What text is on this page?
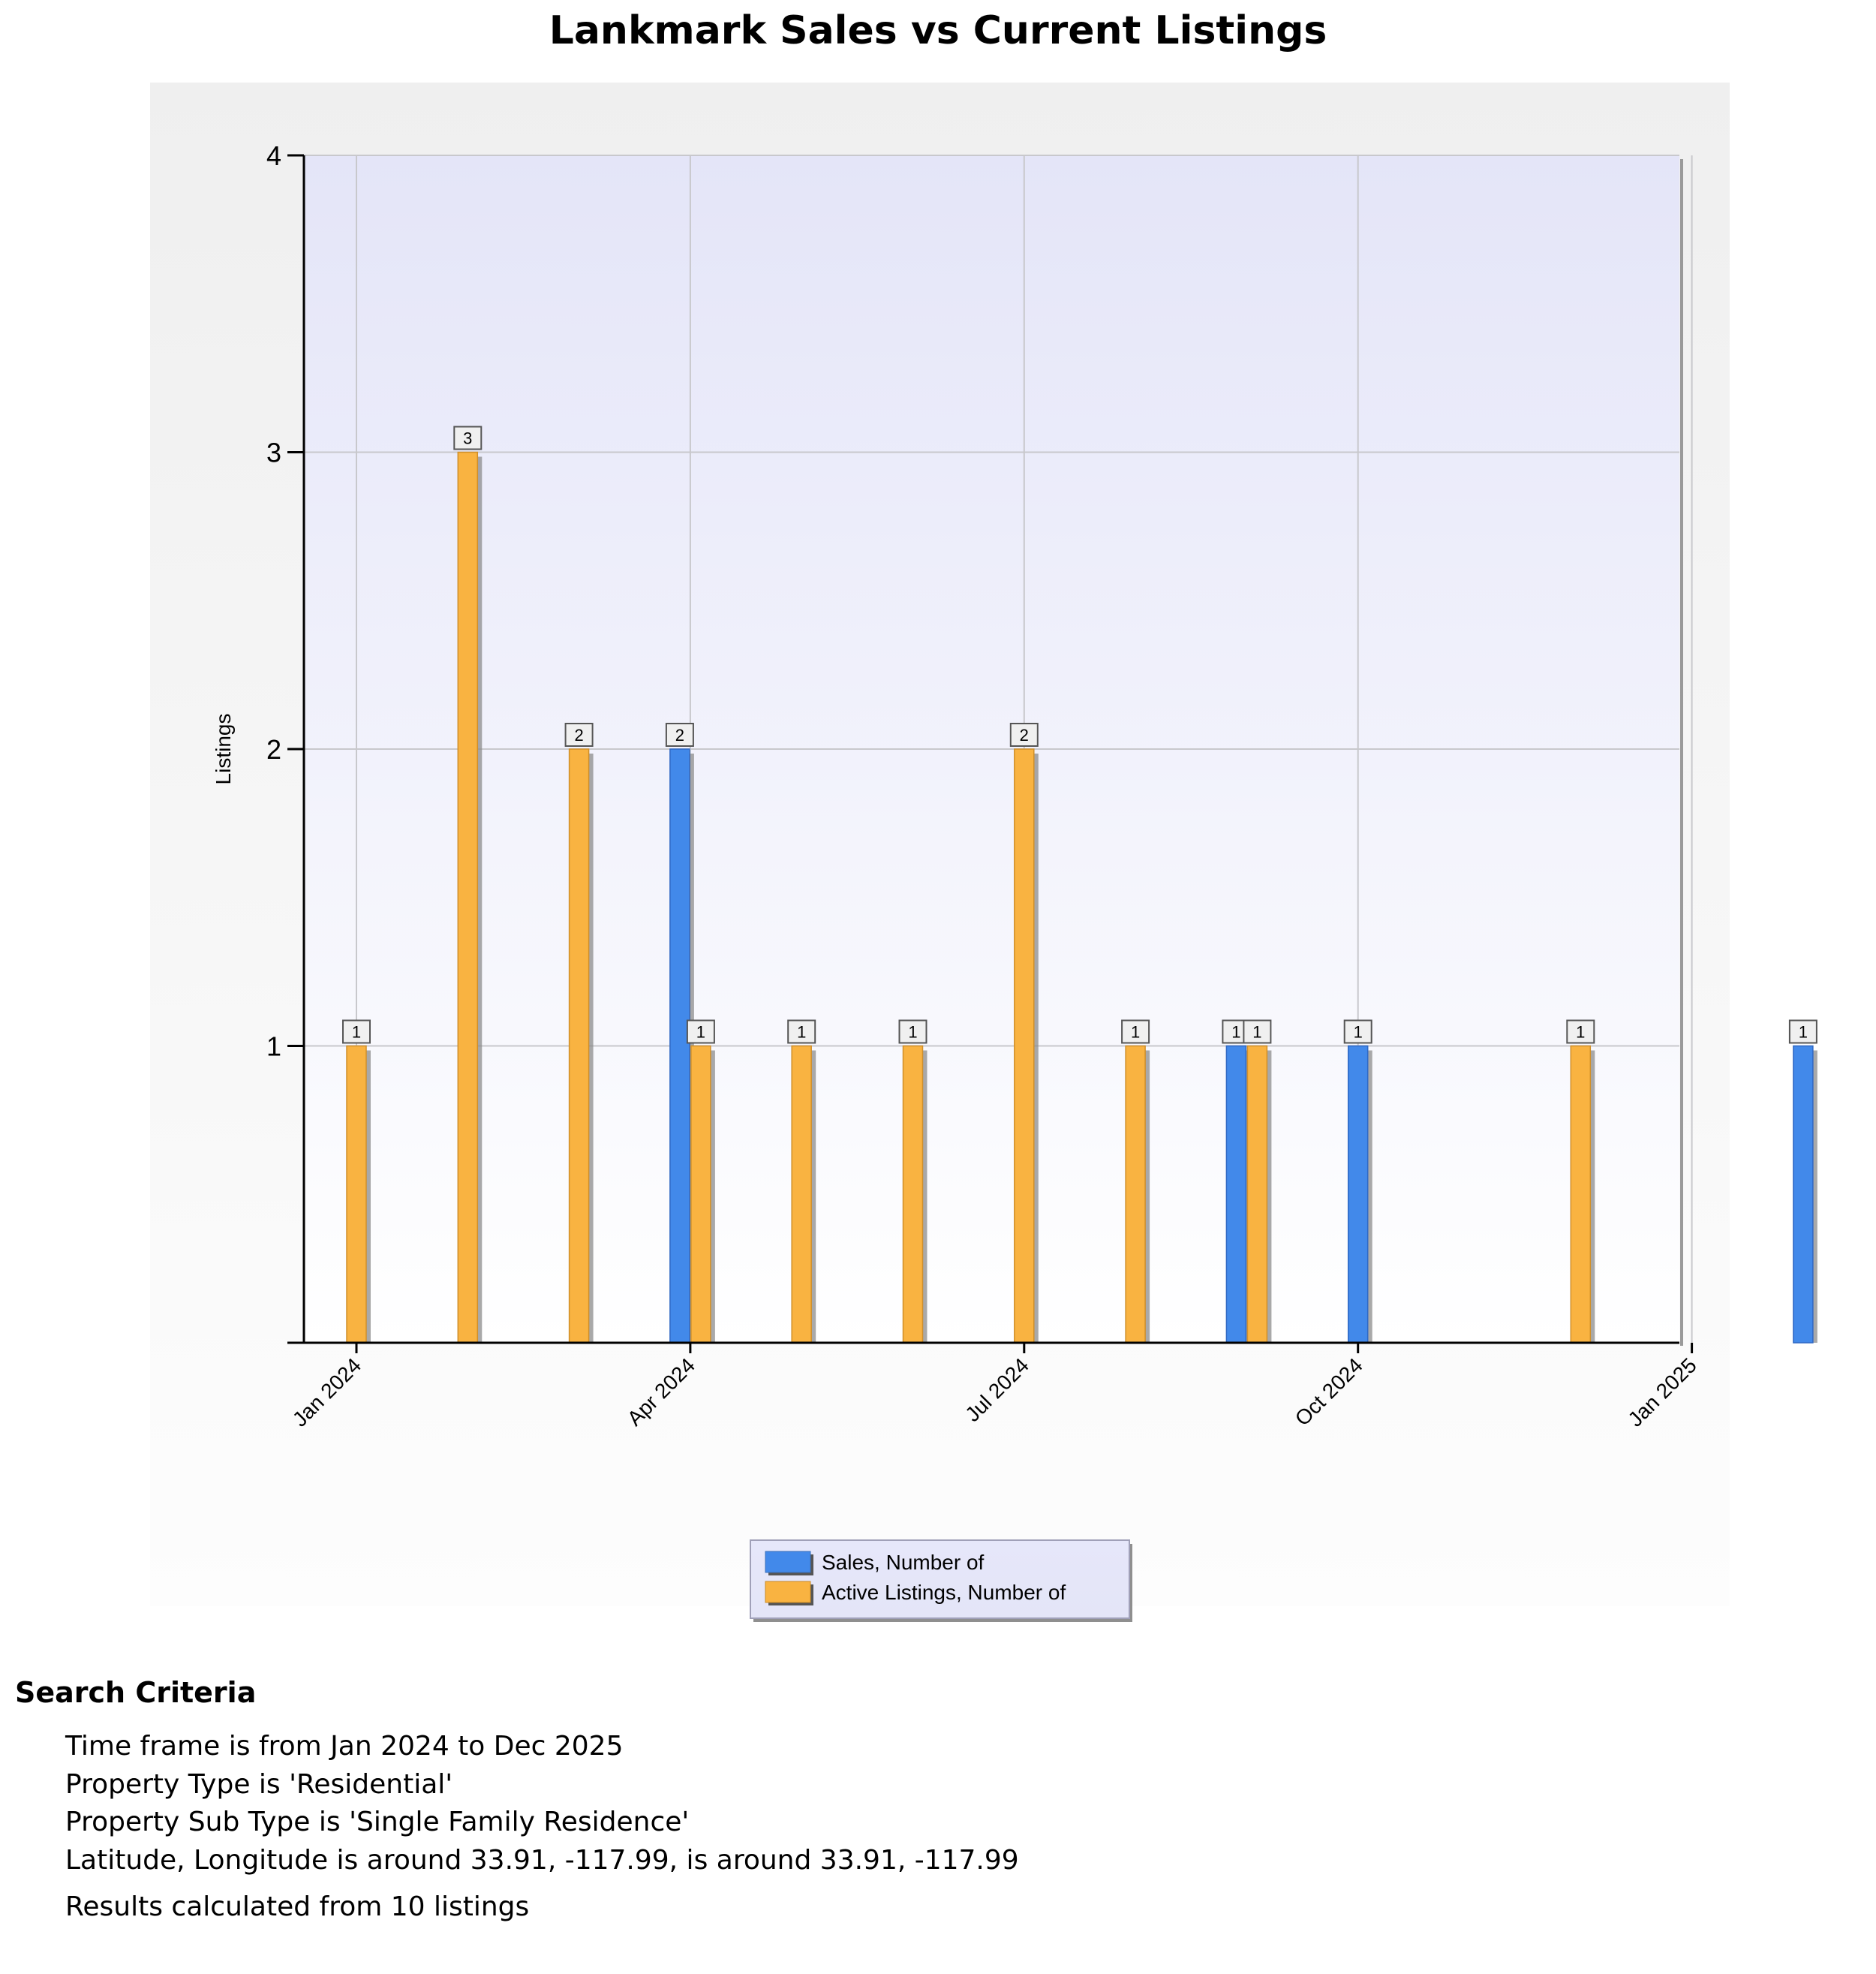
Lankmark Sales vs Current Listings
Listings
1
3
2	2
1	1	1
2
1	1 1	1	1	1
1
2
3
4
Jan 2024	Apr 2024	Jul 2024	Oct 2024	Jan 2025
Sales, Number of
Active Listings, Number of
Search Criteria
Time frame is from Jan 2024 to Dec 2025
Property Type is 'Residential'
Property Sub Type is 'Single Family Residence'
Latitude, Longitude is around 33.91, -117.99, is around 33.91, -117.99
Results calculated from 10 listings
